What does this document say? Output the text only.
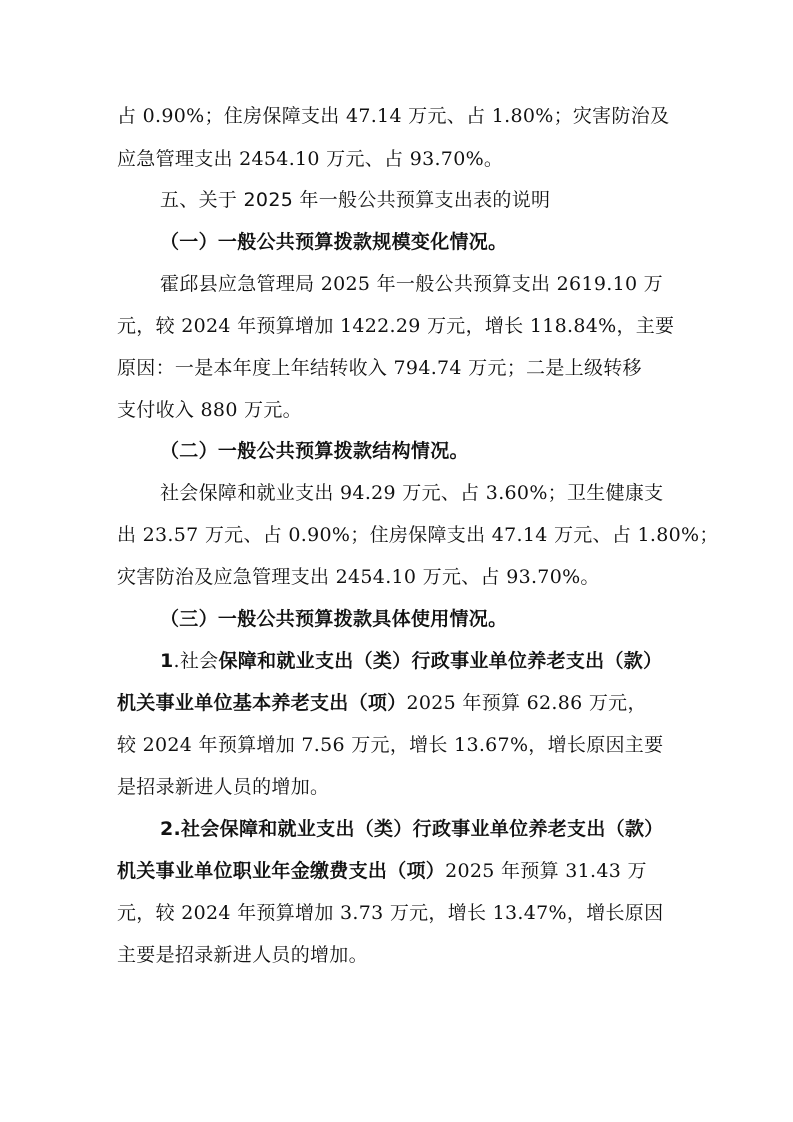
占 0.90%；住房保障支出 47.14 万元、占 1.80%；灾害防治及
应急管理支出 2454.10 万元、占 93.70%。
五、关于 2025 年一般公共预算支出表的说明
（一）一般公共预算拨款规模变化情况。
霍邱县应急管理局 2025 年一般公共预算支出 2619.10 万
元，较 2024 年预算增加 1422.29 万元，增长 118.84%，主要
原因：一是本年度上年结转收入 794.74 万元；二是上级转移
支付收入 880 万元。
（二）一般公共预算拨款结构情况。
社会保障和就业支出 94.29 万元、占 3.60%；卫生健康支
出 23.57 万元、占 0.90%；住房保障支出 47.14 万元、占 1.80%；
灾害防治及应急管理支出 2454.10 万元、占 93.70%。
（三）一般公共预算拨款具体使用情况。
1.社会保障和就业支出（类）行政事业单位养老支出（款）
机关事业单位基本养老支出（项）2025 年预算 62.86 万元，
较 2024 年预算增加 7.56 万元，增长 13.67%，增长原因主要
是招录新进人员的增加。
2.社会保障和就业支出（类）行政事业单位养老支出（款）
机关事业单位职业年金缴费支出（项）2025 年预算 31.43 万
元，较 2024 年预算增加 3.73 万元，增长 13.47%，增长原因
主要是招录新进人员的增加。
